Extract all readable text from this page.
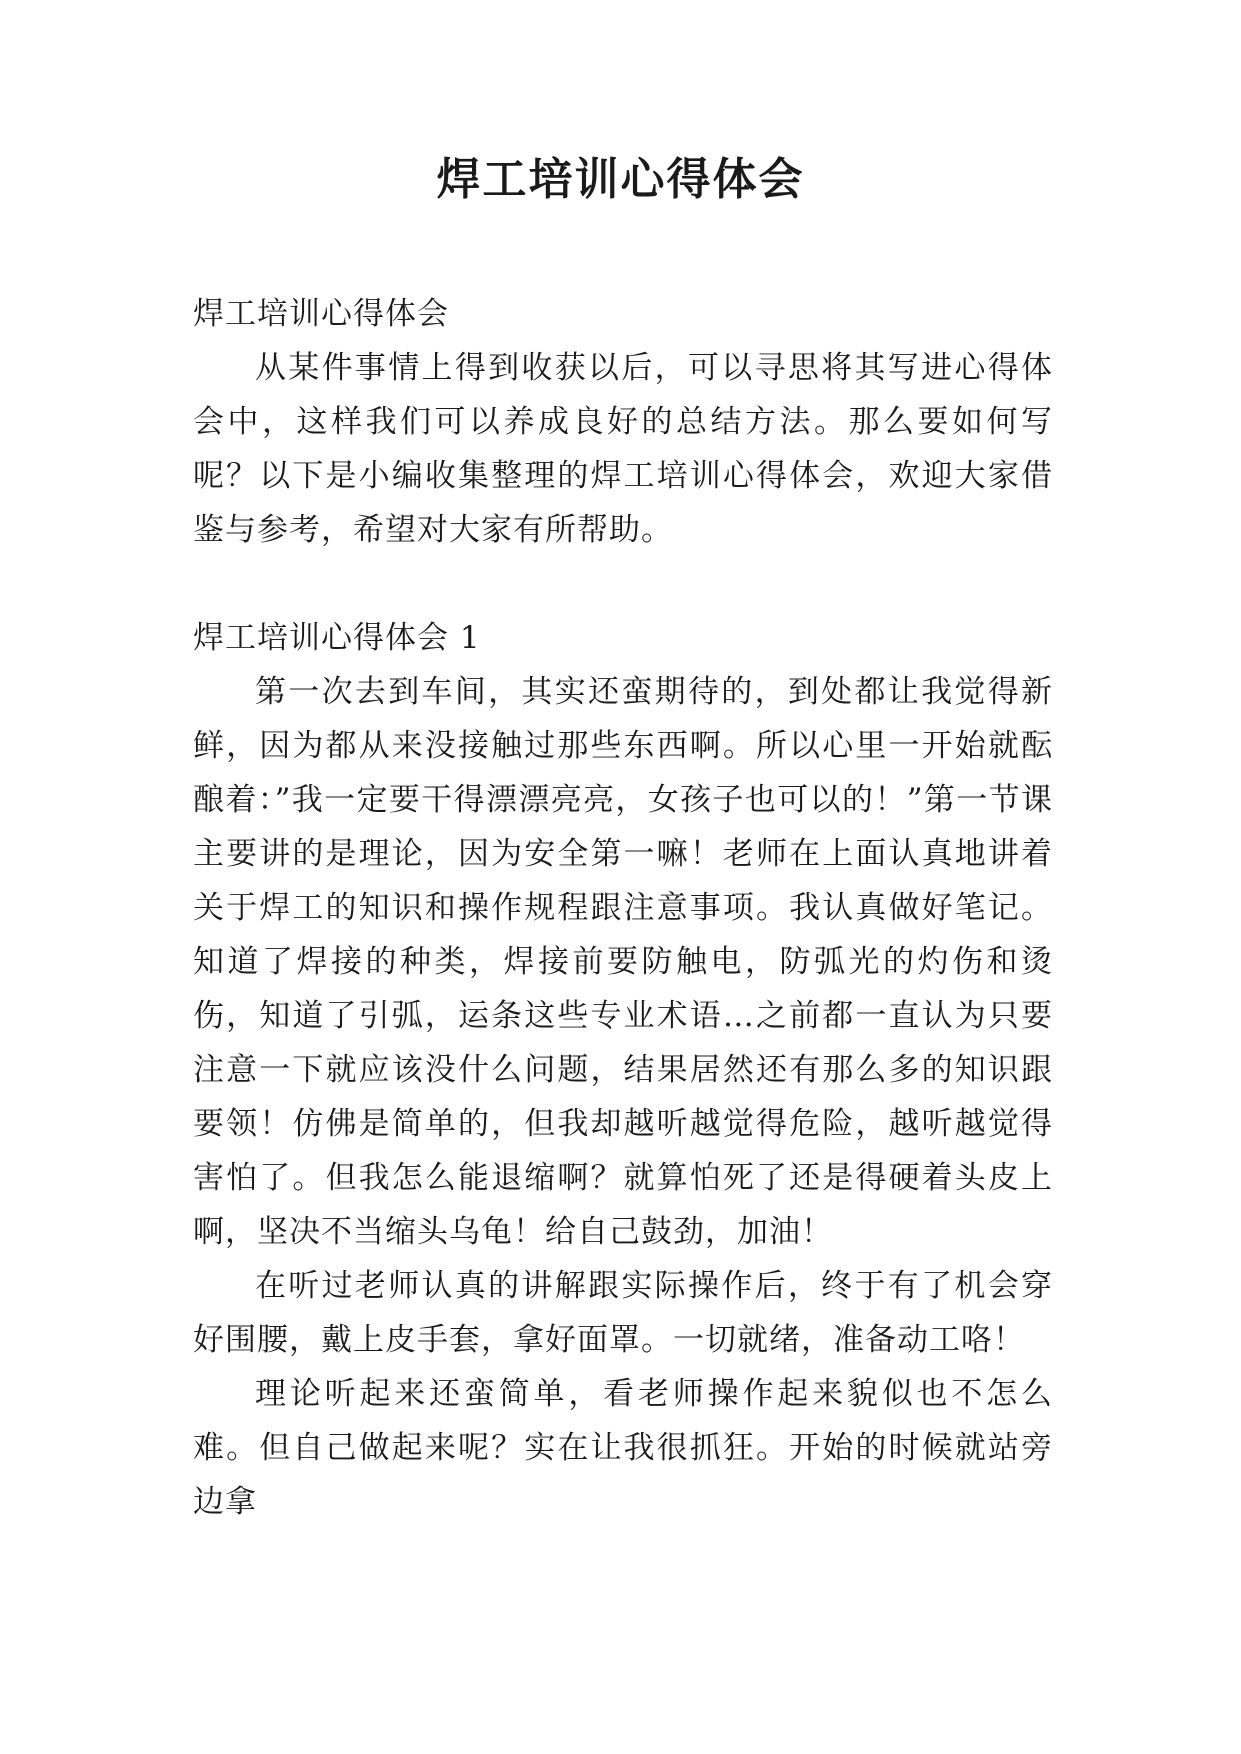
焊工培训心得体会

焊工培训心得体会

从某件事情上得到收获以后，可以寻思将其写进心得体会中，这样我们可以养成良好的总结方法。那么要如何写呢？以下是小编收集整理的焊工培训心得体会，欢迎大家借鉴与参考，希望对大家有所帮助。

焊工培训心得体会 1

第一次去到车间，其实还蛮期待的，到处都让我觉得新鲜，因为都从来没接触过那些东西啊。所以心里一开始就酝酿着：”我一定要干得漂漂亮亮，女孩子也可以的！”第一节课主要讲的是理论，因为安全第一嘛！老师在上面认真地讲着关于焊工的知识和操作规程跟注意事项。我认真做好笔记。知道了焊接的种类，焊接前要防触电，防弧光的灼伤和烫伤，知道了引弧，运条这些专业术语…之前都一直认为只要注意一下就应该没什么问题，结果居然还有那么多的知识跟要领！仿佛是简单的，但我却越听越觉得危险，越听越觉得害怕了。但我怎么能退缩啊？就算怕死了还是得硬着头皮上啊，坚决不当缩头乌龟！给自己鼓劲，加油！

在听过老师认真的讲解跟实际操作后，终于有了机会穿好围腰，戴上皮手套，拿好面罩。一切就绪，准备动工咯！

理论听起来还蛮简单，看老师操作起来貌似也不怎么难。但自己做起来呢？实在让我很抓狂。开始的时候就站旁边拿
